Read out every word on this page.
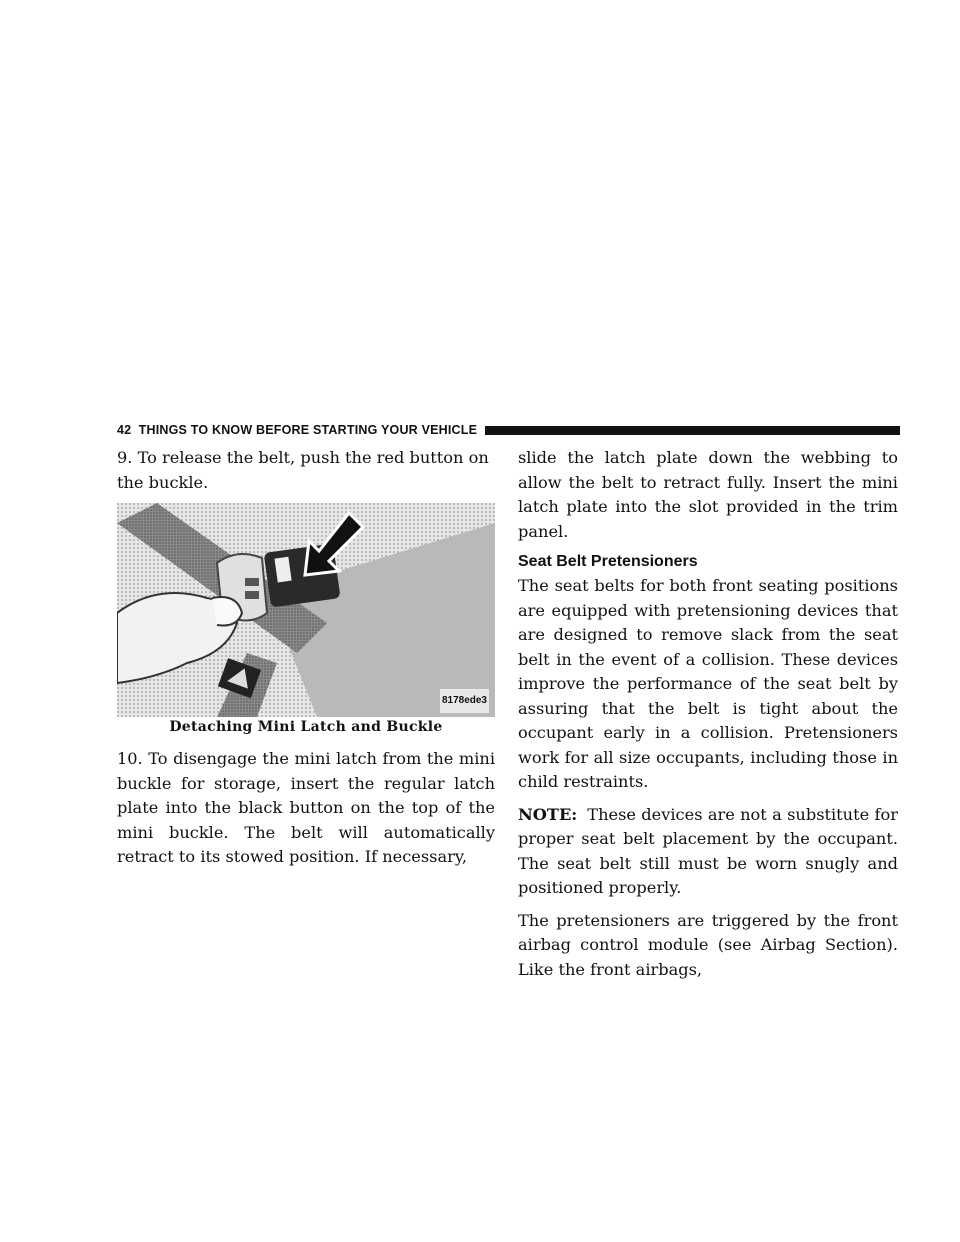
42 THINGS TO KNOW BEFORE STARTING YOUR VEHICLE

9. To release the belt, push the red button on the buckle.

8178ede3
Detaching Mini Latch and Buckle

10. To disengage the mini latch from the mini buckle for storage, insert the regular latch plate into the black button on the top of the mini buckle. The belt will automatically retract to its stowed position. If necessary,

slide the latch plate down the webbing to allow the belt to retract fully. Insert the mini latch plate into the slot provided in the trim panel.

Seat Belt Pretensioners

The seat belts for both front seating positions are equipped with pretensioning devices that are designed to remove slack from the seat belt in the event of a collision. These devices improve the performance of the seat belt by assuring that the belt is tight about the occupant early in a collision. Pretensioners work for all size occupants, including those in child restraints.

NOTE: These devices are not a substitute for proper seat belt placement by the occupant. The seat belt still must be worn snugly and positioned properly.

The pretensioners are triggered by the front airbag control module (see Airbag Section). Like the front airbags,
